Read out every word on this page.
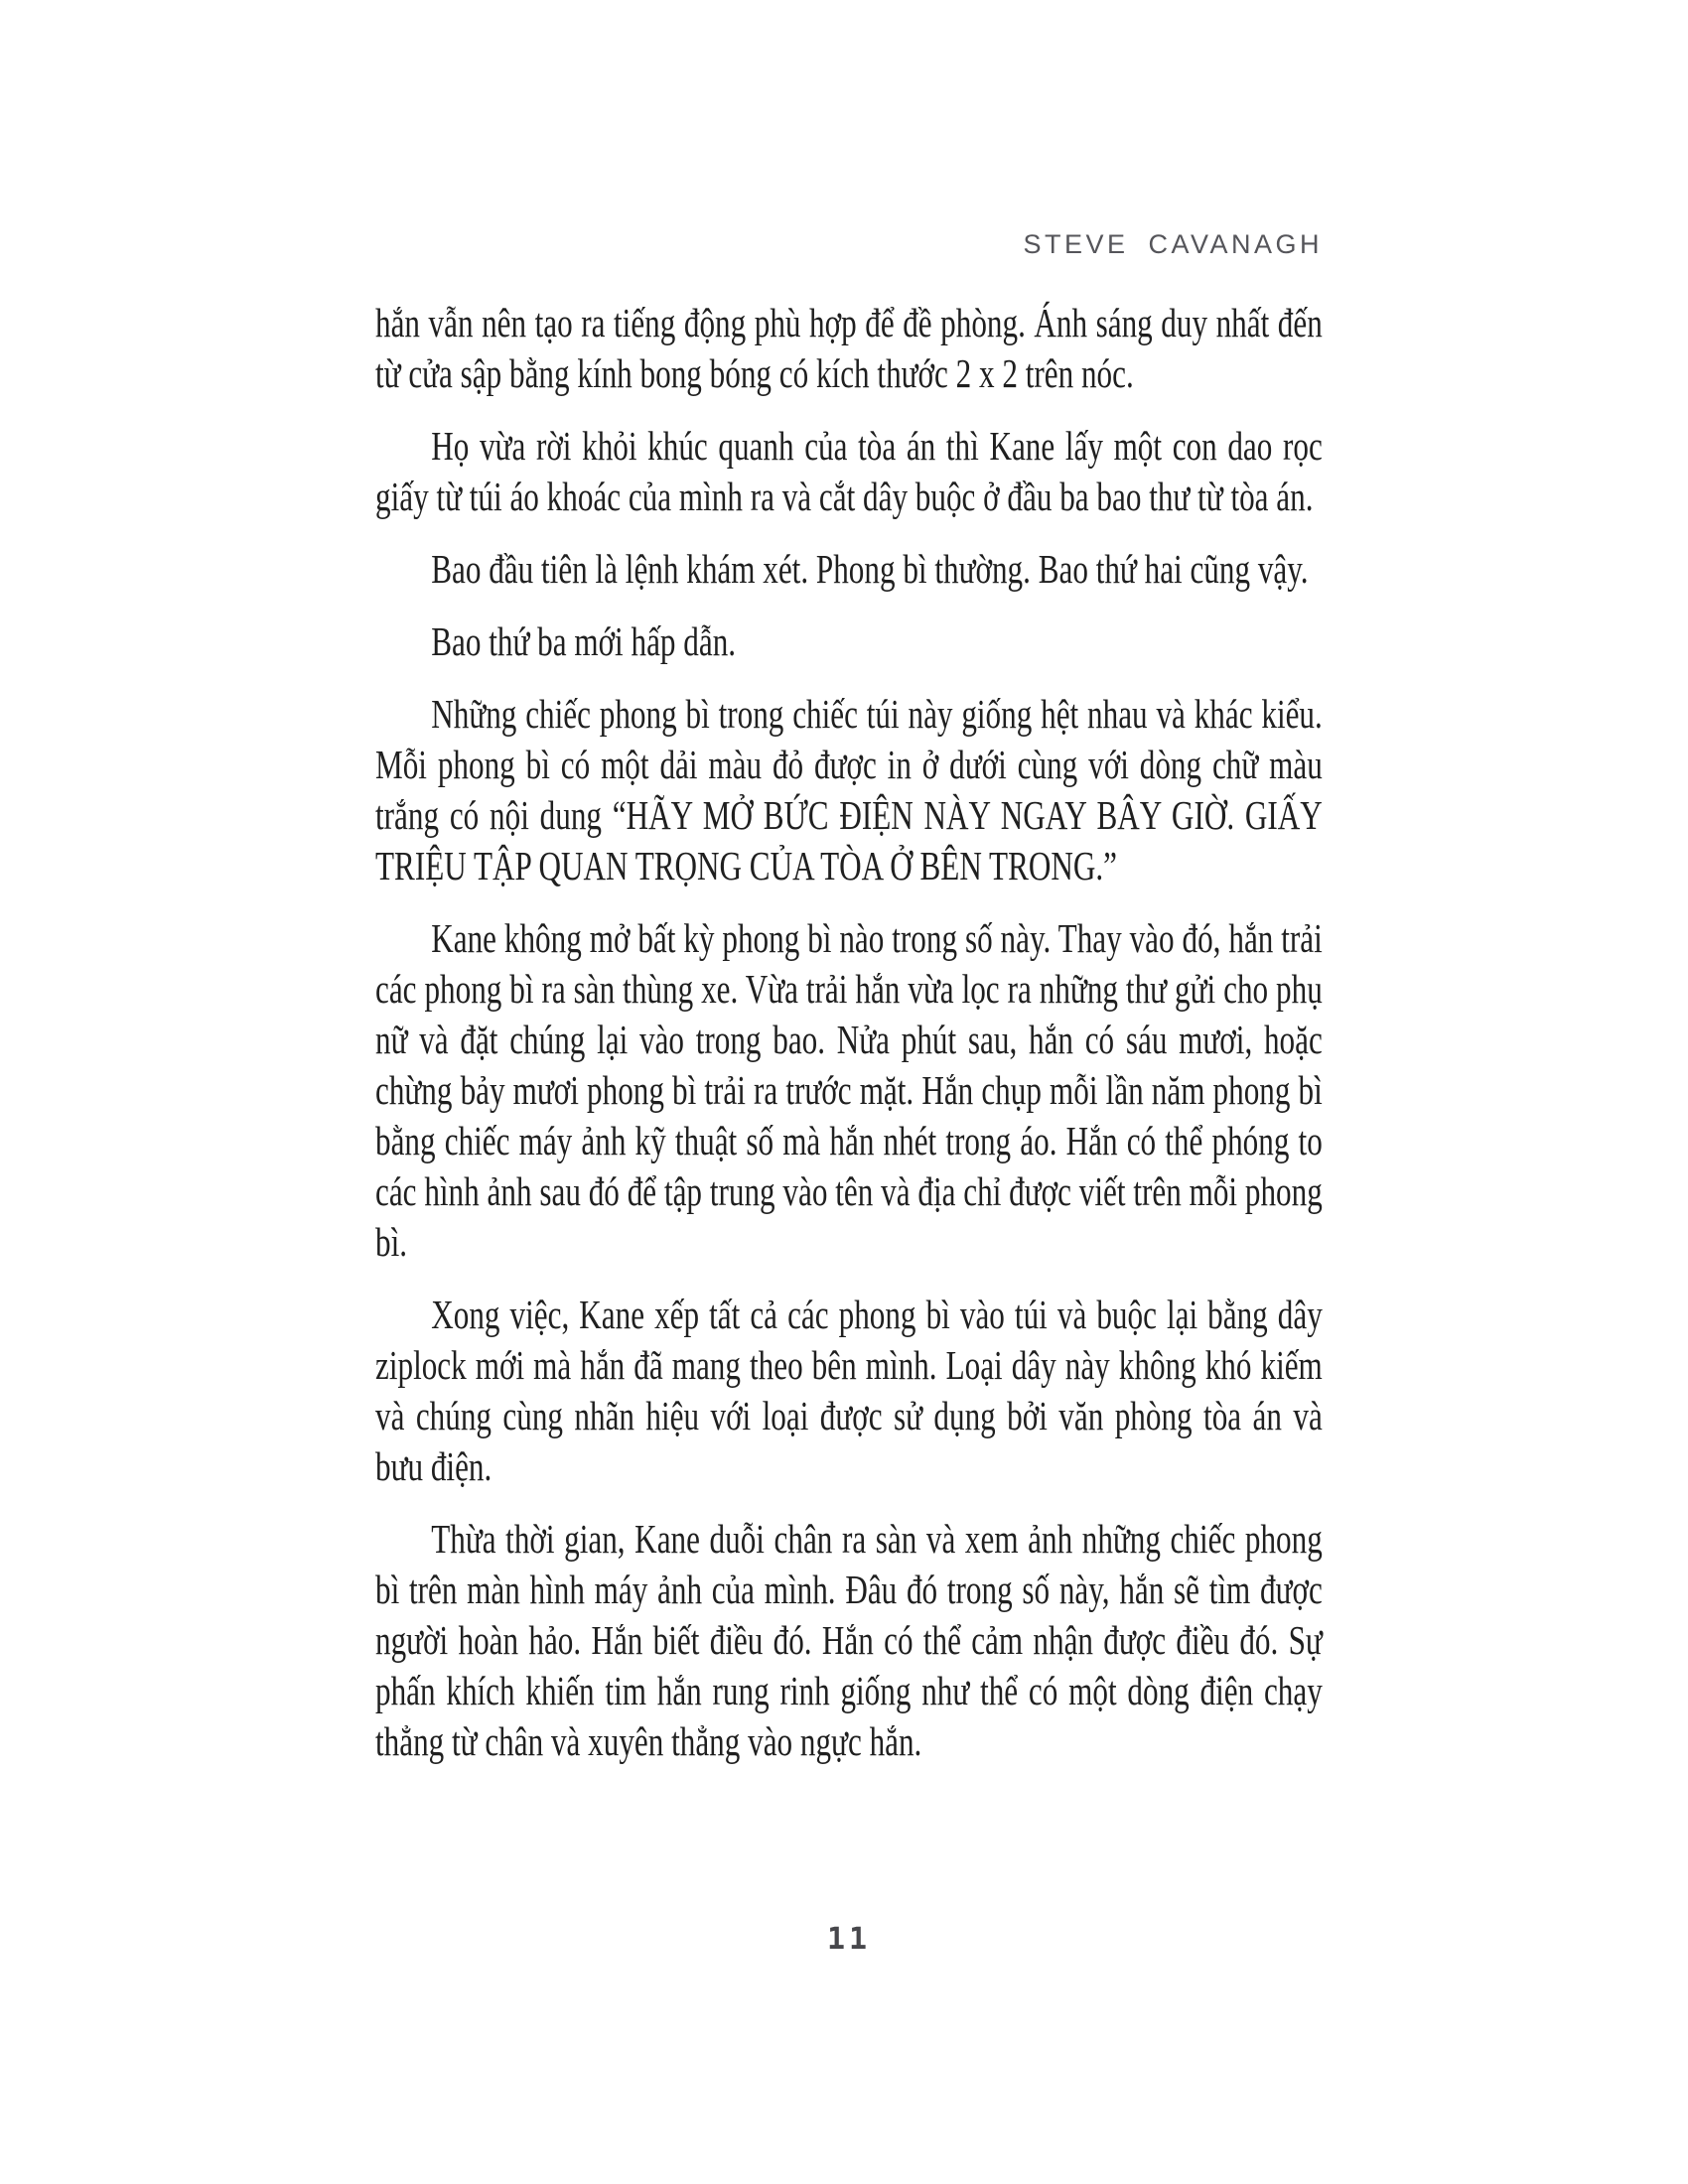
STEVE CAVANAGH

hắn vẫn nên tạo ra tiếng động phù hợp để đề phòng. Ánh sáng duy nhất đến từ cửa sập bằng kính bong bóng có kích thước 2 x 2 trên nóc.

Họ vừa rời khỏi khúc quanh của tòa án thì Kane lấy một con dao rọc giấy từ túi áo khoác của mình ra và cắt dây buộc ở đầu ba bao thư từ tòa án.

Bao đầu tiên là lệnh khám xét. Phong bì thường. Bao thứ hai cũng vậy.

Bao thứ ba mới hấp dẫn.

Những chiếc phong bì trong chiếc túi này giống hệt nhau và khác kiểu. Mỗi phong bì có một dải màu đỏ được in ở dưới cùng với dòng chữ màu trắng có nội dung “HÃY MỞ BỨC ĐIỆN NÀY NGAY BÂY GIỜ. GIẤY TRIỆU TẬP QUAN TRỌNG CỦA TÒA Ở BÊN TRONG.”

Kane không mở bất kỳ phong bì nào trong số này. Thay vào đó, hắn trải các phong bì ra sàn thùng xe. Vừa trải hắn vừa lọc ra những thư gửi cho phụ nữ và đặt chúng lại vào trong bao. Nửa phút sau, hắn có sáu mươi, hoặc chừng bảy mươi phong bì trải ra trước mặt. Hắn chụp mỗi lần năm phong bì bằng chiếc máy ảnh kỹ thuật số mà hắn nhét trong áo. Hắn có thể phóng to các hình ảnh sau đó để tập trung vào tên và địa chỉ được viết trên mỗi phong bì.

Xong việc, Kane xếp tất cả các phong bì vào túi và buộc lại bằng dây ziplock mới mà hắn đã mang theo bên mình. Loại dây này không khó kiếm và chúng cùng nhãn hiệu với loại được sử dụng bởi văn phòng tòa án và bưu điện.

Thừa thời gian, Kane duỗi chân ra sàn và xem ảnh những chiếc phong bì trên màn hình máy ảnh của mình. Đâu đó trong số này, hắn sẽ tìm được người hoàn hảo. Hắn biết điều đó. Hắn có thể cảm nhận được điều đó. Sự phấn khích khiến tim hắn rung rinh giống như thể có một dòng điện chạy thẳng từ chân và xuyên thẳng vào ngực hắn.

11
